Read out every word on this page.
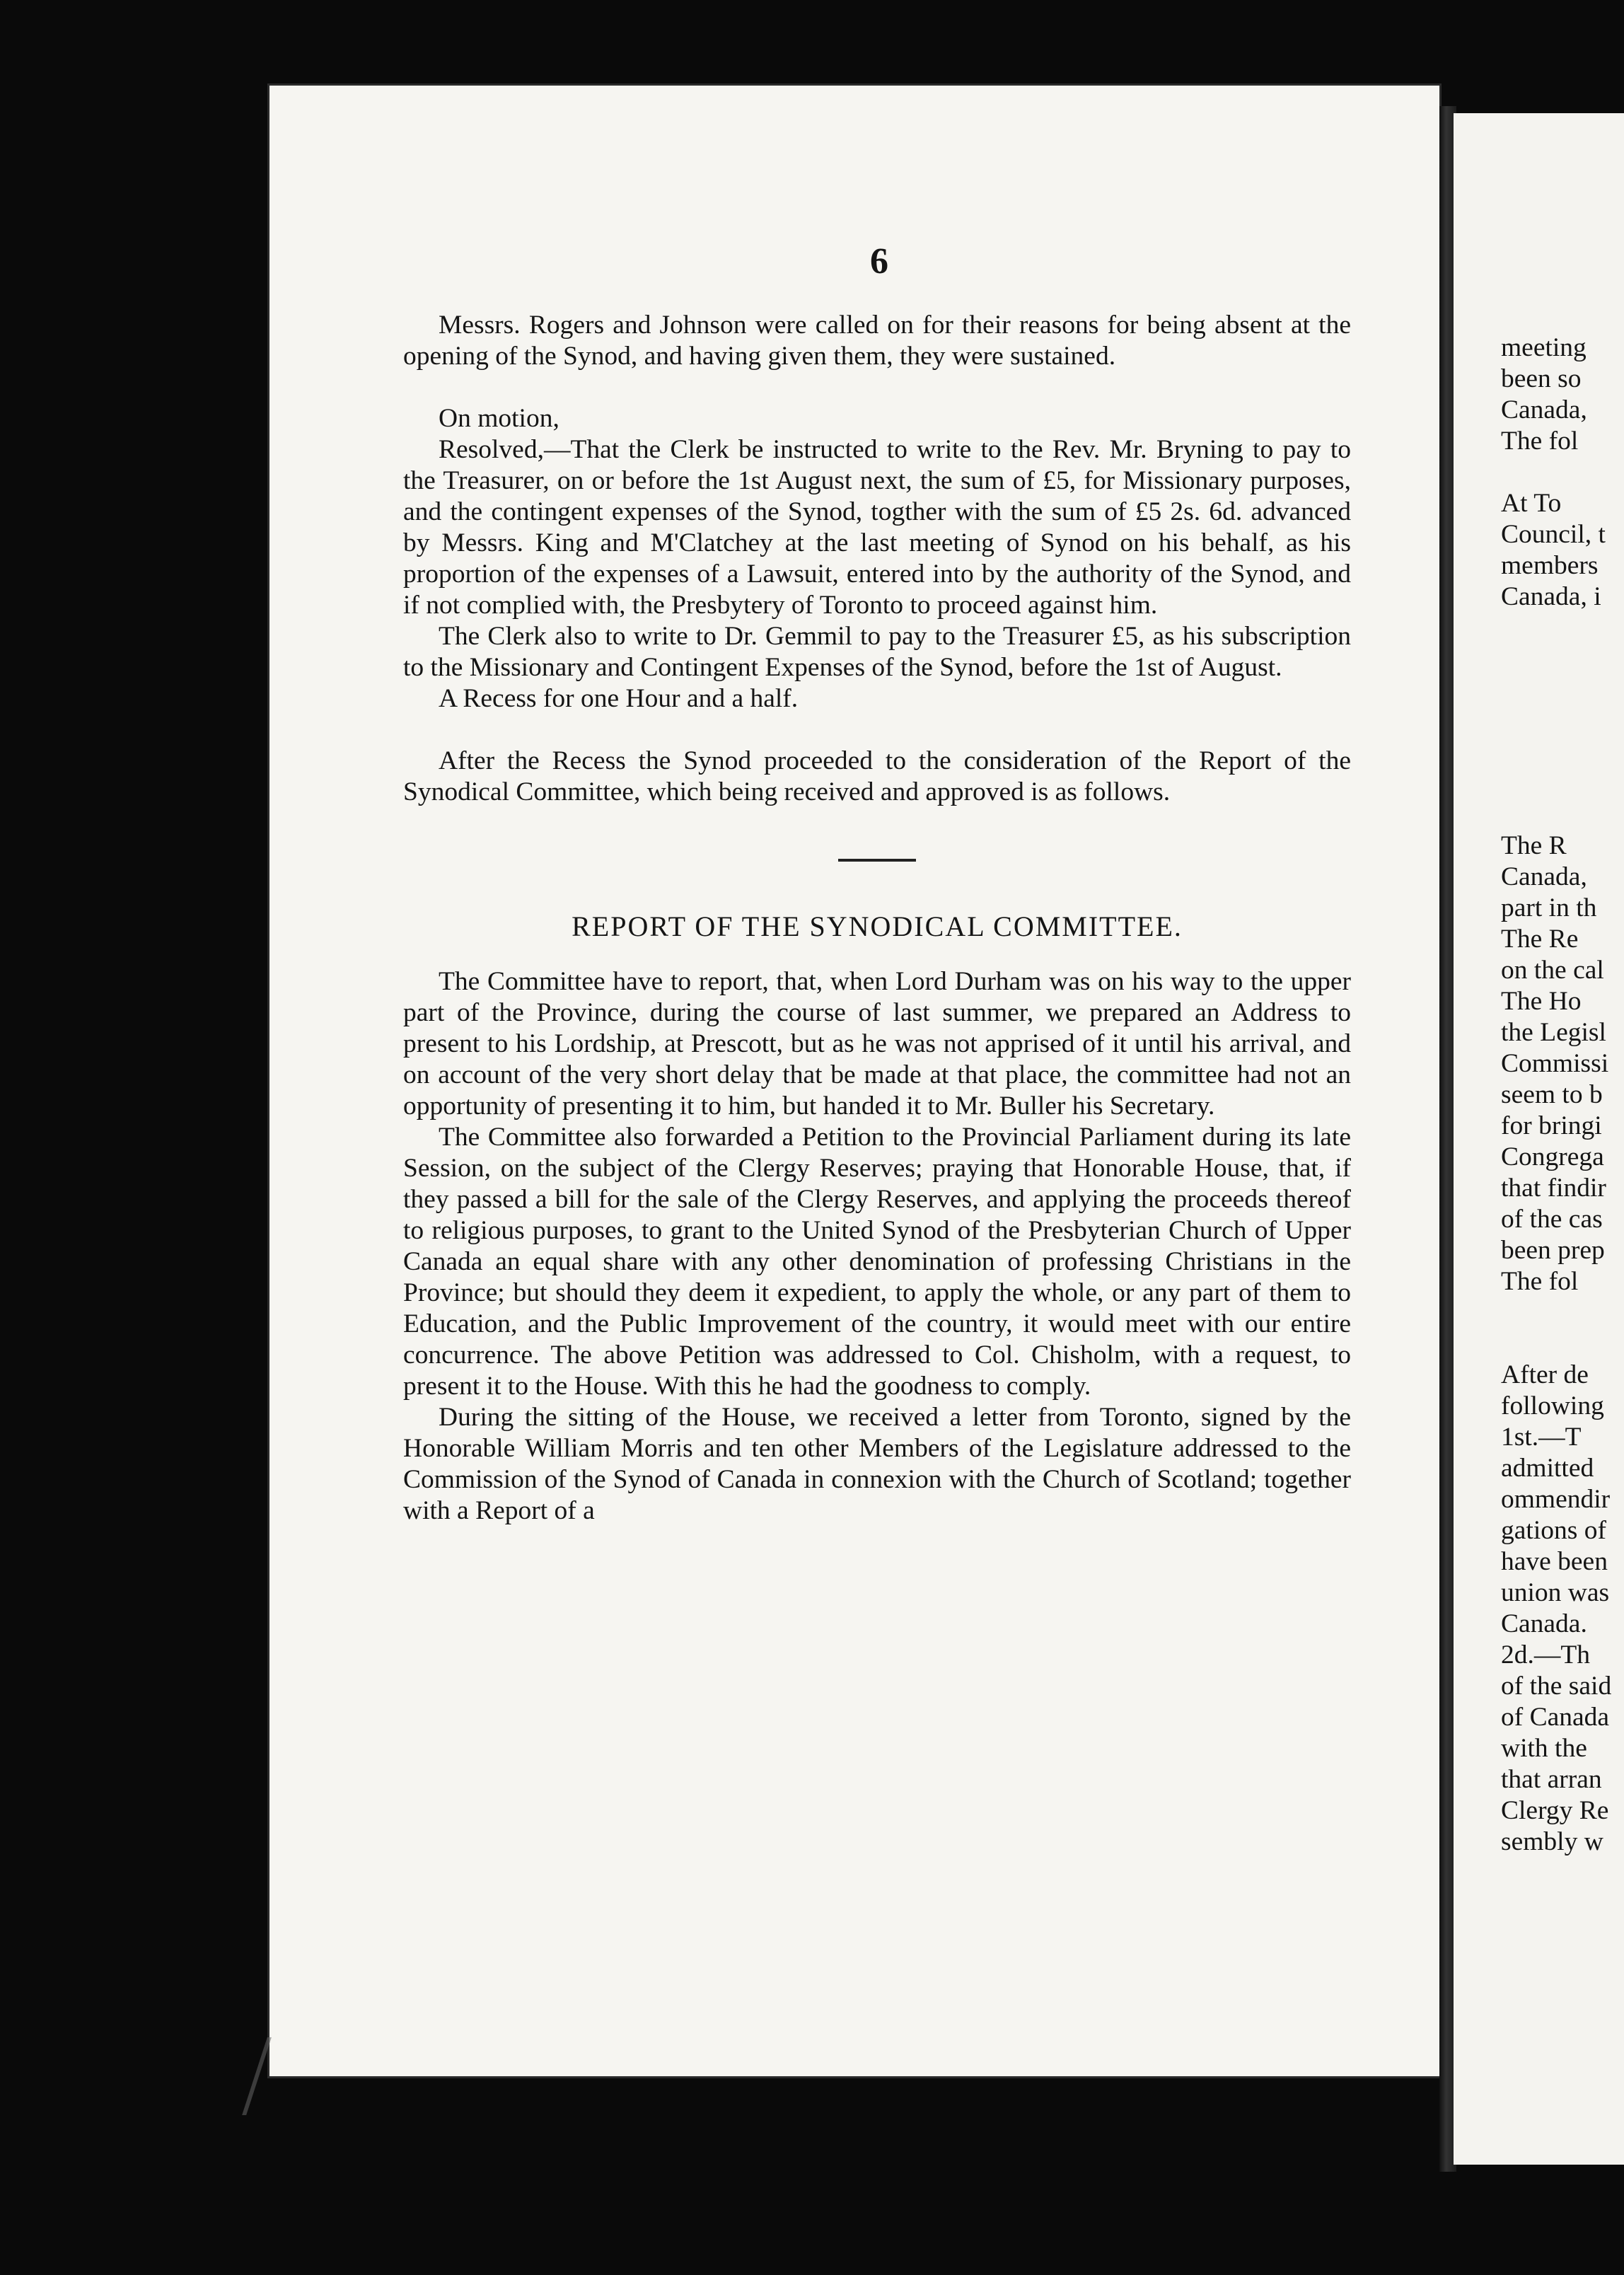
6

Messrs. Rogers and Johnson were called on for their reasons for being absent at the opening of the Synod, and having given them, they were sustained.

On motion,

Resolved,—That the Clerk be instructed to write to the Rev. Mr. Bryning to pay to the Treasurer, on or before the 1st August next, the sum of £5, for Missionary purposes, and the contingent expenses of the Synod, togther with the sum of £5 2s. 6d. advanced by Messrs. King and M'Clatchey at the last meeting of Synod on his behalf, as his proportion of the expenses of a Lawsuit, entered into by the authority of the Synod, and if not complied with, the Presbytery of Toronto to proceed against him.

The Clerk also to write to Dr. Gemmil to pay to the Treasurer £5, as his subscription to the Missionary and Contingent Expenses of the Synod, before the 1st of August.

A Recess for one Hour and a half.

After the Recess the Synod proceeded to the consideration of the Report of the Synodical Committee, which being received and approved is as follows.

REPORT OF THE SYNODICAL COMMITTEE.

The Committee have to report, that, when Lord Durham was on his way to the upper part of the Province, during the course of last summer, we prepared an Address to present to his Lordship, at Prescott, but as he was not apprised of it until his arrival, and on account of the very short delay that be made at that place, the committee had not an opportunity of presenting it to him, but handed it to Mr. Buller his Secretary.

The Committee also forwarded a Petition to the Provincial Parliament during its late Session, on the subject of the Clergy Reserves; praying that Honorable House, that, if they passed a bill for the sale of the Clergy Reserves, and applying the proceeds thereof to religious purposes, to grant to the United Synod of the Presbyterian Church of Upper Canada an equal share with any other denomination of professing Christians in the Province; but should they deem it expedient, to apply the whole, or any part of them to Education, and the Public Improvement of the country, it would meet with our entire concurrence. The above Petition was addressed to Col. Chisholm, with a request, to present it to the House. With this he had the goodness to comply.

During the sitting of the House, we received a letter from Toronto, signed by the Honorable William Morris and ten other Members of the Legislature addressed to the Commission of the Synod of Canada in connexion with the Church of Scotland; together with a Report of a

meeting

been so

Canada,

The fol

At To

Council, t

members

Canada, i

The R

Canada,

part in th

The Re

on the cal

The Ho

the Legisl

Commissi

seem to b

for bringi

Congrega

that findir

of the cas

been prep

The fol

After de

following

1st.—T

admitted

ommendir

gations of

have been

union was

Canada.

2d.—Th

of the said

of Canada

with the

that arran

Clergy Re

sembly w
